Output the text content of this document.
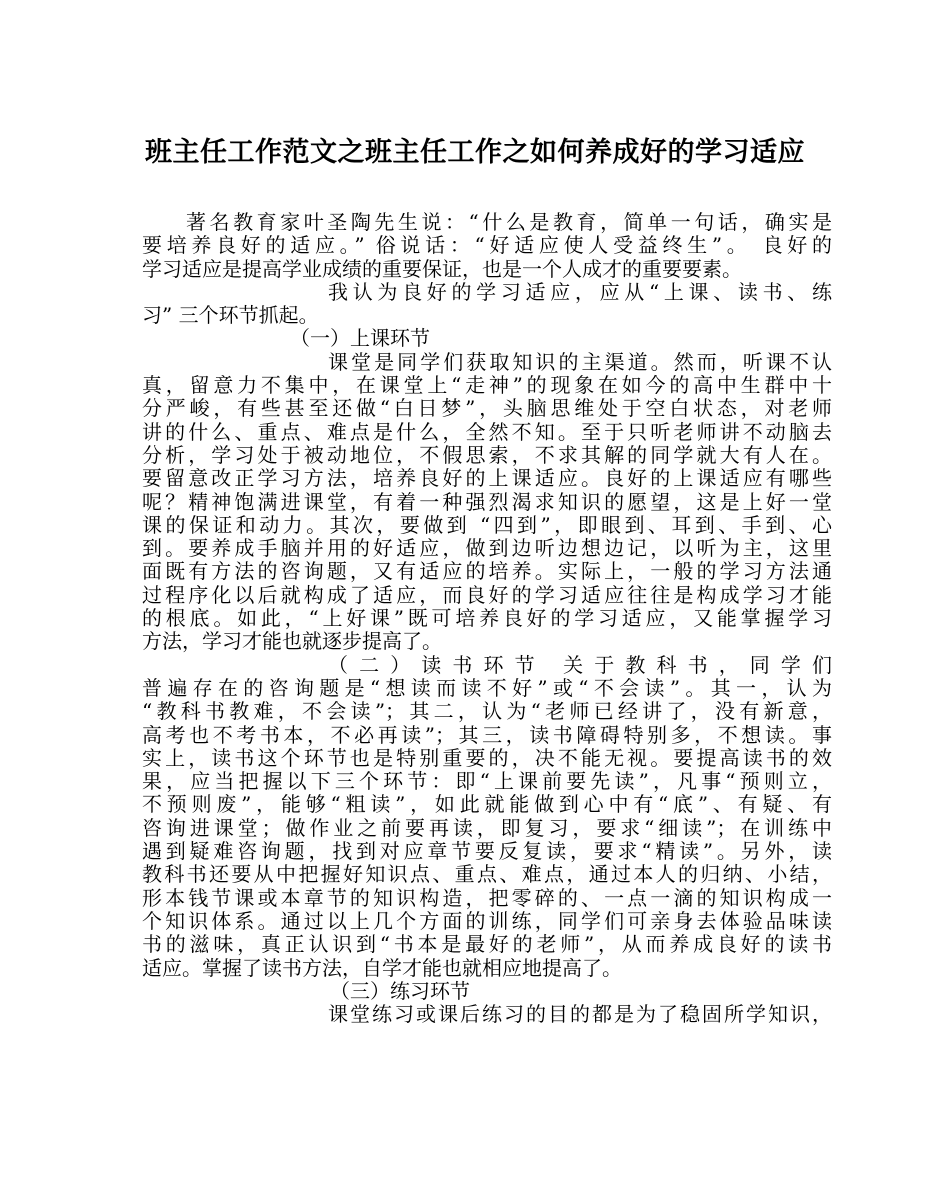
班主任工作范文之班主任工作之如何养成好的学习适应
著名教育家叶圣陶先生说：“什么是教育，简单一句话，确实是
要培养良好的适应。” 俗说话：“好适应使人受益终生”。 良好的
学习适应是提高学业成绩的重要保证，也是一个人成才的重要要素。
我认为良好的学习适应，应从“上课、读书、练
习” 三个环节抓起。
（一）上课环节
课堂是同学们获取知识的主渠道。然而，听课不认
真，留意力不集中，在课堂上“走神”的现象在如今的高中生群中十
分严峻，有些甚至还做“白日梦”，头脑思维处于空白状态，对老师
讲的什么、重点、难点是什么，全然不知。至于只听老师讲不动脑去
分析，学习处于被动地位，不假思索，不求其解的同学就大有人在。
要留意改正学习方法，培养良好的上课适应。良好的上课适应有哪些
呢？精神饱满进课堂，有着一种强烈渴求知识的愿望，这是上好一堂
课的保证和动力。其次，要做到 “四到”，即眼到、耳到、手到、心
到。要养成手脑并用的好适应，做到边听边想边记，以听为主，这里
面既有方法的咨询题，又有适应的培养。实际上，一般的学习方法通
过程序化以后就构成了适应，而良好的学习适应往往是构成学习才能
的根底。如此，“上好课”既可培养良好的学习适应，又能掌握学习
方法，学习才能也就逐步提高了。
（二）读书环节 关于教科书，同学们
普遍存在的咨询题是“想读而读不好”或“不会读”。其一，认为
“教科书教难，不会读”；其二，认为“老师已经讲了，没有新意，
高考也不考书本，不必再读”；其三，读书障碍特别多，不想读。事
实上，读书这个环节也是特别重要的，决不能无视。要提高读书的效
果，应当把握以下三个环节：即“上课前要先读”，凡事“预则立，
不预则废”，能够“粗读”，如此就能做到心中有“底”、有疑、有
咨询进课堂；做作业之前要再读，即复习，要求“细读”；在训练中
遇到疑难咨询题，找到对应章节要反复读，要求“精读”。另外，读
教科书还要从中把握好知识点、重点、难点，通过本人的归纳、小结，
形本钱节课或本章节的知识构造，把零碎的、一点一滴的知识构成一
个知识体系。通过以上几个方面的训练，同学们可亲身去体验品味读
书的滋味，真正认识到“书本是最好的老师”，从而养成良好的读书
适应。掌握了读书方法，自学才能也就相应地提高了。
（三）练习环节
课堂练习或课后练习的目的都是为了稳固所学知识，
